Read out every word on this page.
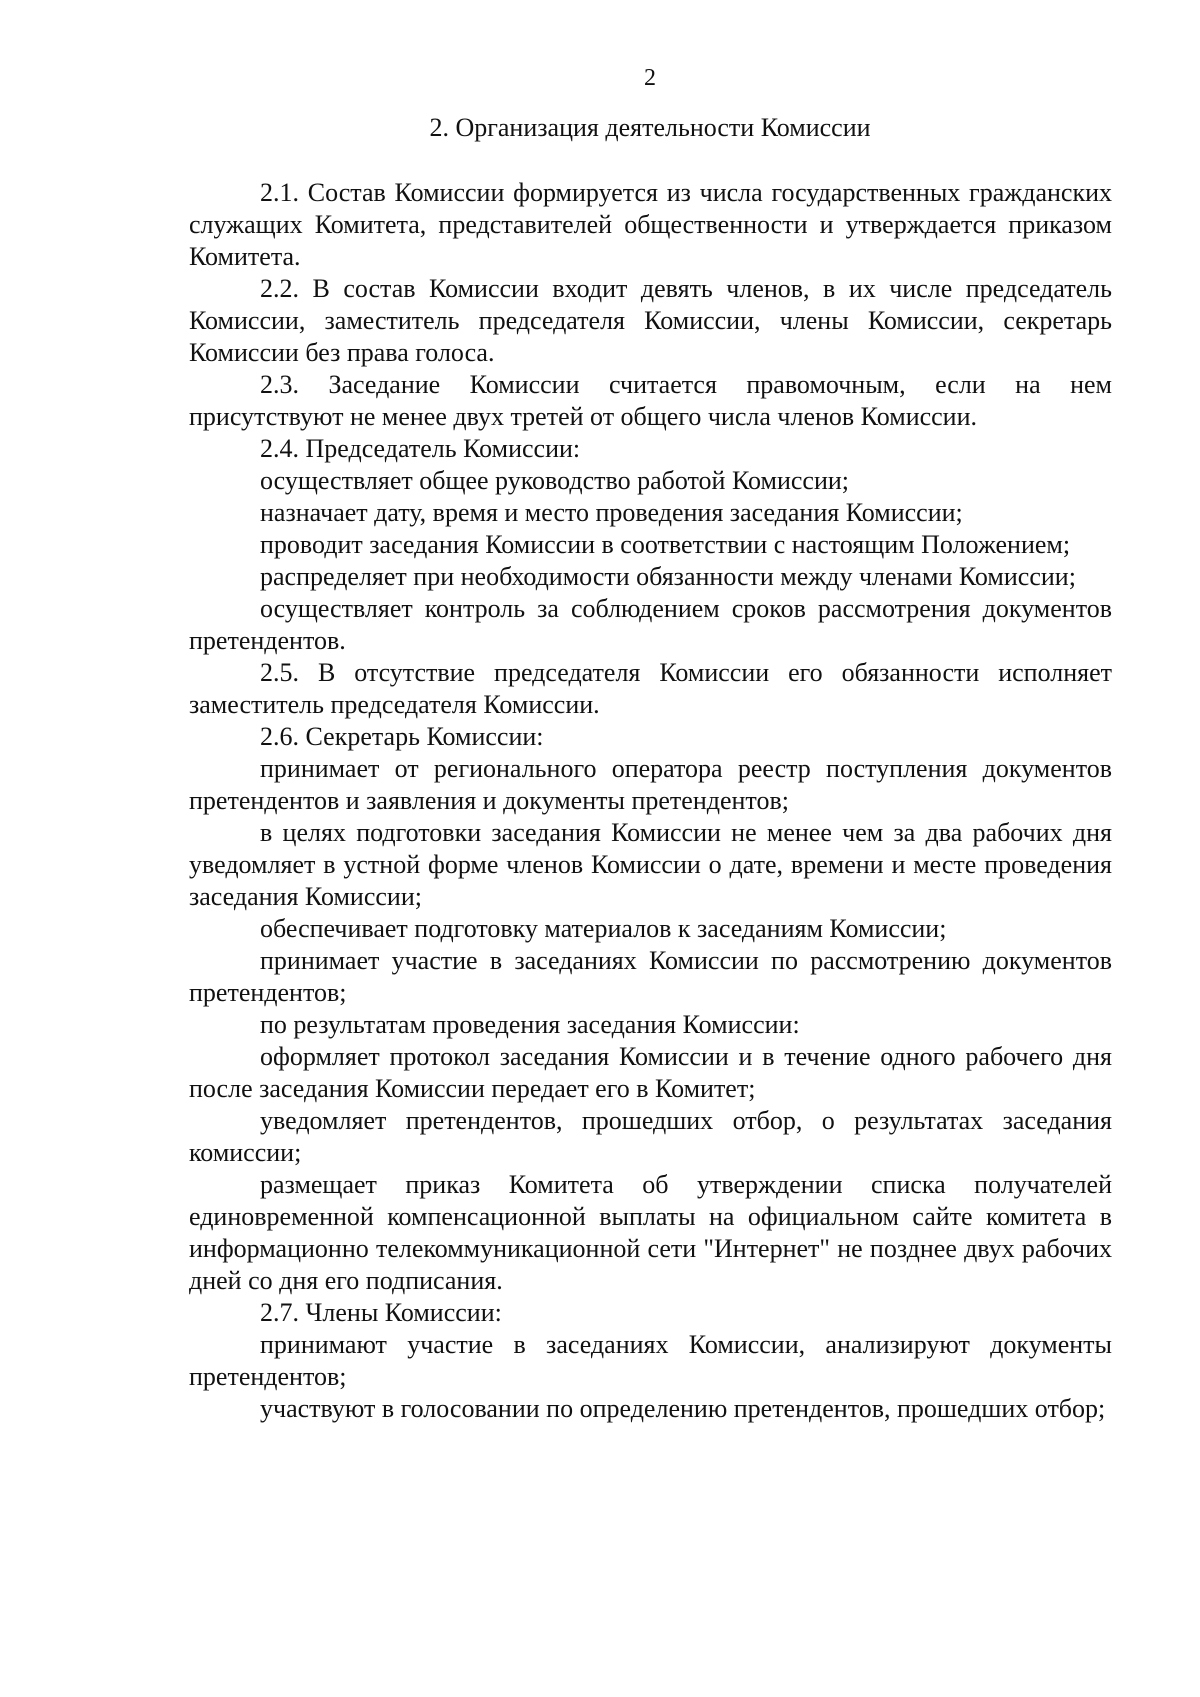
2
2. Организация деятельности Комиссии

2.1. Состав Комиссии формируется из числа государственных гражданских служащих Комитета, представителей общественности и утверждается приказом Комитета.

2.2. В состав Комиссии входит девять членов, в их числе председатель Комиссии, заместитель председателя Комиссии, члены Комиссии, секретарь Комиссии без права голоса.

2.3. Заседание Комиссии считается правомочным, если на нем присутствуют не менее двух третей от общего числа членов Комиссии.

2.4. Председатель Комиссии:

осуществляет общее руководство работой Комиссии;

назначает дату, время и место проведения заседания Комиссии;

проводит заседания Комиссии в соответствии с настоящим Положением;

распределяет при необходимости обязанности между членами Комиссии;

осуществляет контроль за соблюдением сроков рассмотрения документов претендентов.

2.5. В отсутствие председателя Комиссии его обязанности исполняет заместитель председателя Комиссии.

2.6. Секретарь Комиссии:

принимает от регионального оператора реестр поступления документов претендентов и заявления и документы претендентов;

в целях подготовки заседания Комиссии не менее чем за два рабочих дня уведомляет в устной форме членов Комиссии о дате, времени и месте проведения заседания Комиссии;

обеспечивает подготовку материалов к заседаниям Комиссии;

принимает участие в заседаниях Комиссии по рассмотрению документов претендентов;

по результатам проведения заседания Комиссии:

оформляет протокол заседания Комиссии и в течение одного рабочего дня после заседания Комиссии передает его в Комитет;

уведомляет претендентов, прошедших отбор, о результатах заседания комиссии;

размещает приказ Комитета об утверждении списка получателей единовременной компенсационной выплаты на официальном сайте комитета в информационно телекоммуникационной сети "Интернет" не позднее двух рабочих дней со дня его подписания.

2.7. Члены Комиссии:

принимают участие в заседаниях Комиссии, анализируют документы претендентов;

участвуют в голосовании по определению претендентов, прошедших отбор;
